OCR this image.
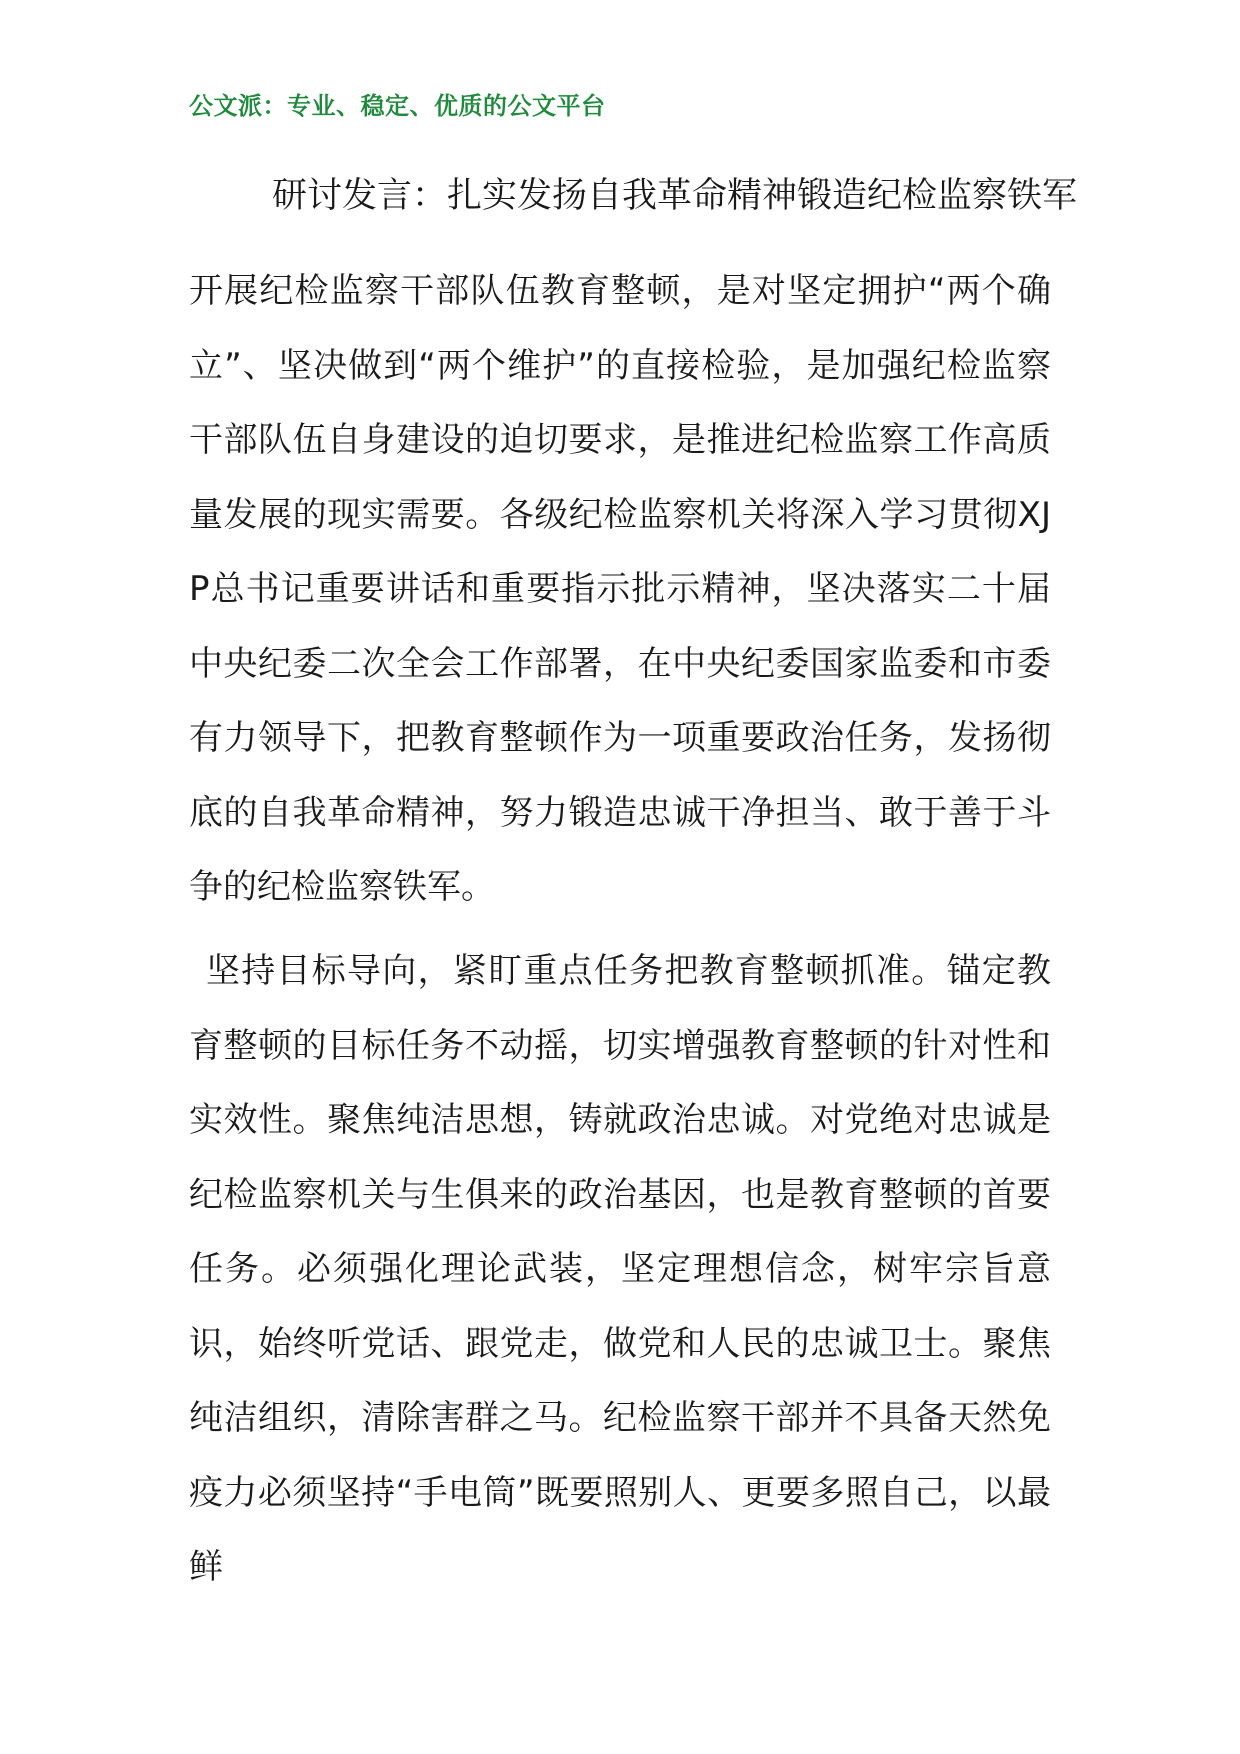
公文派：专业、稳定、优质的公文平台
研讨发言：扎实发扬自我革命精神锻造纪检监察铁军

开展纪检监察干部队伍教育整顿，是对坚定拥护“两个确立”、坚决做到“两个维护”的直接检验，是加强纪检监察干部队伍自身建设的迫切要求，是推进纪检监察工作高质量发展的现实需要。各级纪检监察机关将深入学习贯彻XJP总书记重要讲话和重要指示批示精神，坚决落实二十届中央纪委二次全会工作部署，在中央纪委国家监委和市委有力领导下，把教育整顿作为一项重要政治任务，发扬彻底的自我革命精神，努力锻造忠诚干净担当、敢于善于斗争的纪检监察铁军。

坚持目标导向，紧盯重点任务把教育整顿抓准。锚定教育整顿的目标任务不动摇，切实增强教育整顿的针对性和实效性。聚焦纯洁思想，铸就政治忠诚。对党绝对忠诚是纪检监察机关与生俱来的政治基因，也是教育整顿的首要任务。必须强化理论武装，坚定理想信念，树牢宗旨意识，始终听党话、跟党走，做党和人民的忠诚卫士。聚焦纯洁组织，清除害群之马。纪检监察干部并不具备天然免疫力必须坚持“手电筒”既要照别人、更要多照自己，以最鲜
